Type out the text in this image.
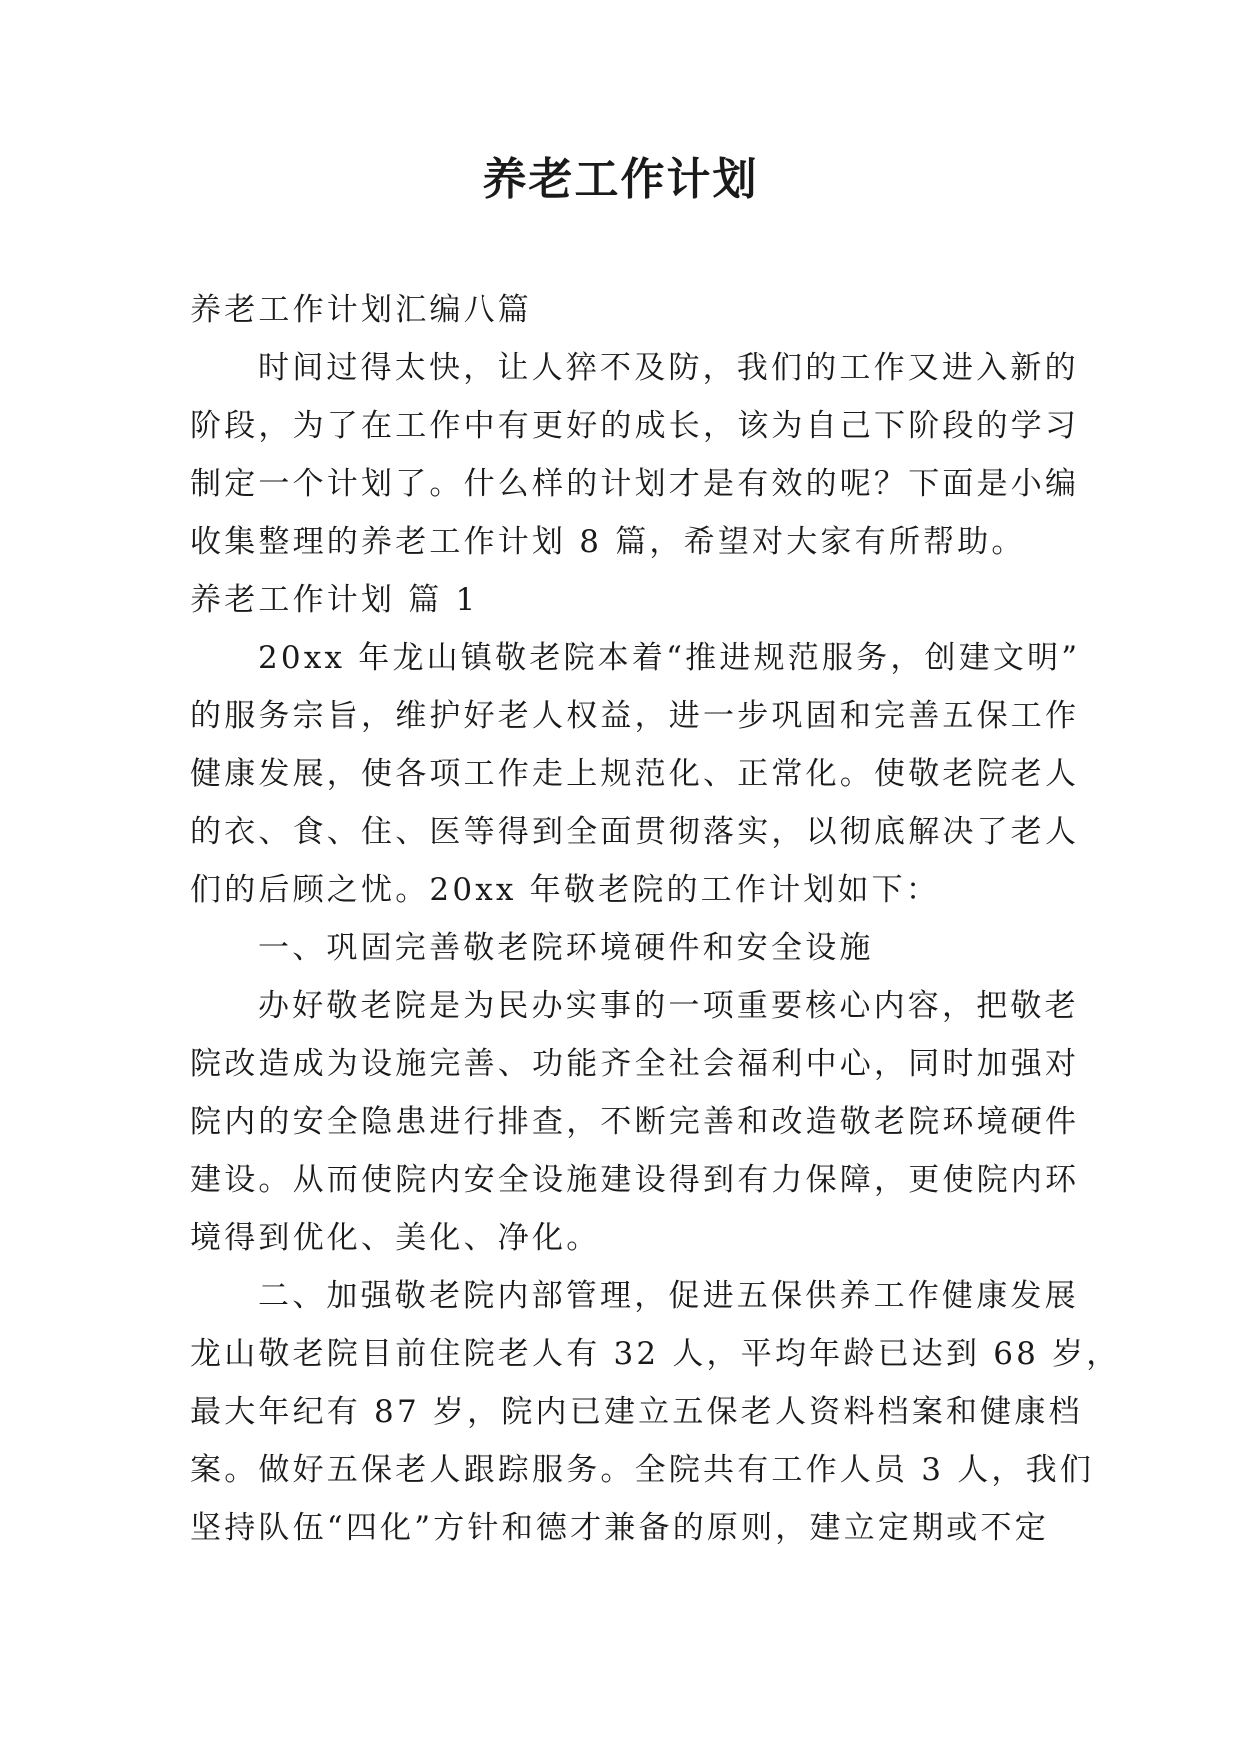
养老工作计划
养老工作计划汇编八篇
时间过得太快，让人猝不及防，我们的工作又进入新的
阶段，为了在工作中有更好的成长，该为自己下阶段的学习
制定一个计划了。什么样的计划才是有效的呢？下面是小编
收集整理的养老工作计划 8 篇，希望对大家有所帮助。
养老工作计划 篇 1
20xx 年龙山镇敬老院本着“推进规范服务，创建文明”
的服务宗旨，维护好老人权益，进一步巩固和完善五保工作
健康发展，使各项工作走上规范化、正常化。使敬老院老人
的衣、食、住、医等得到全面贯彻落实，以彻底解决了老人
们的后顾之忧。20xx 年敬老院的工作计划如下：
一、巩固完善敬老院环境硬件和安全设施
办好敬老院是为民办实事的一项重要核心内容，把敬老
院改造成为设施完善、功能齐全社会福利中心，同时加强对
院内的安全隐患进行排查，不断完善和改造敬老院环境硬件
建设。从而使院内安全设施建设得到有力保障，更使院内环
境得到优化、美化、净化。
二、加强敬老院内部管理，促进五保供养工作健康发展
龙山敬老院目前住院老人有 32 人，平均年龄已达到 68 岁，
最大年纪有 87 岁，院内已建立五保老人资料档案和健康档
案。做好五保老人跟踪服务。全院共有工作人员 3 人，我们
坚持队伍“四化”方针和德才兼备的原则，建立定期或不定
